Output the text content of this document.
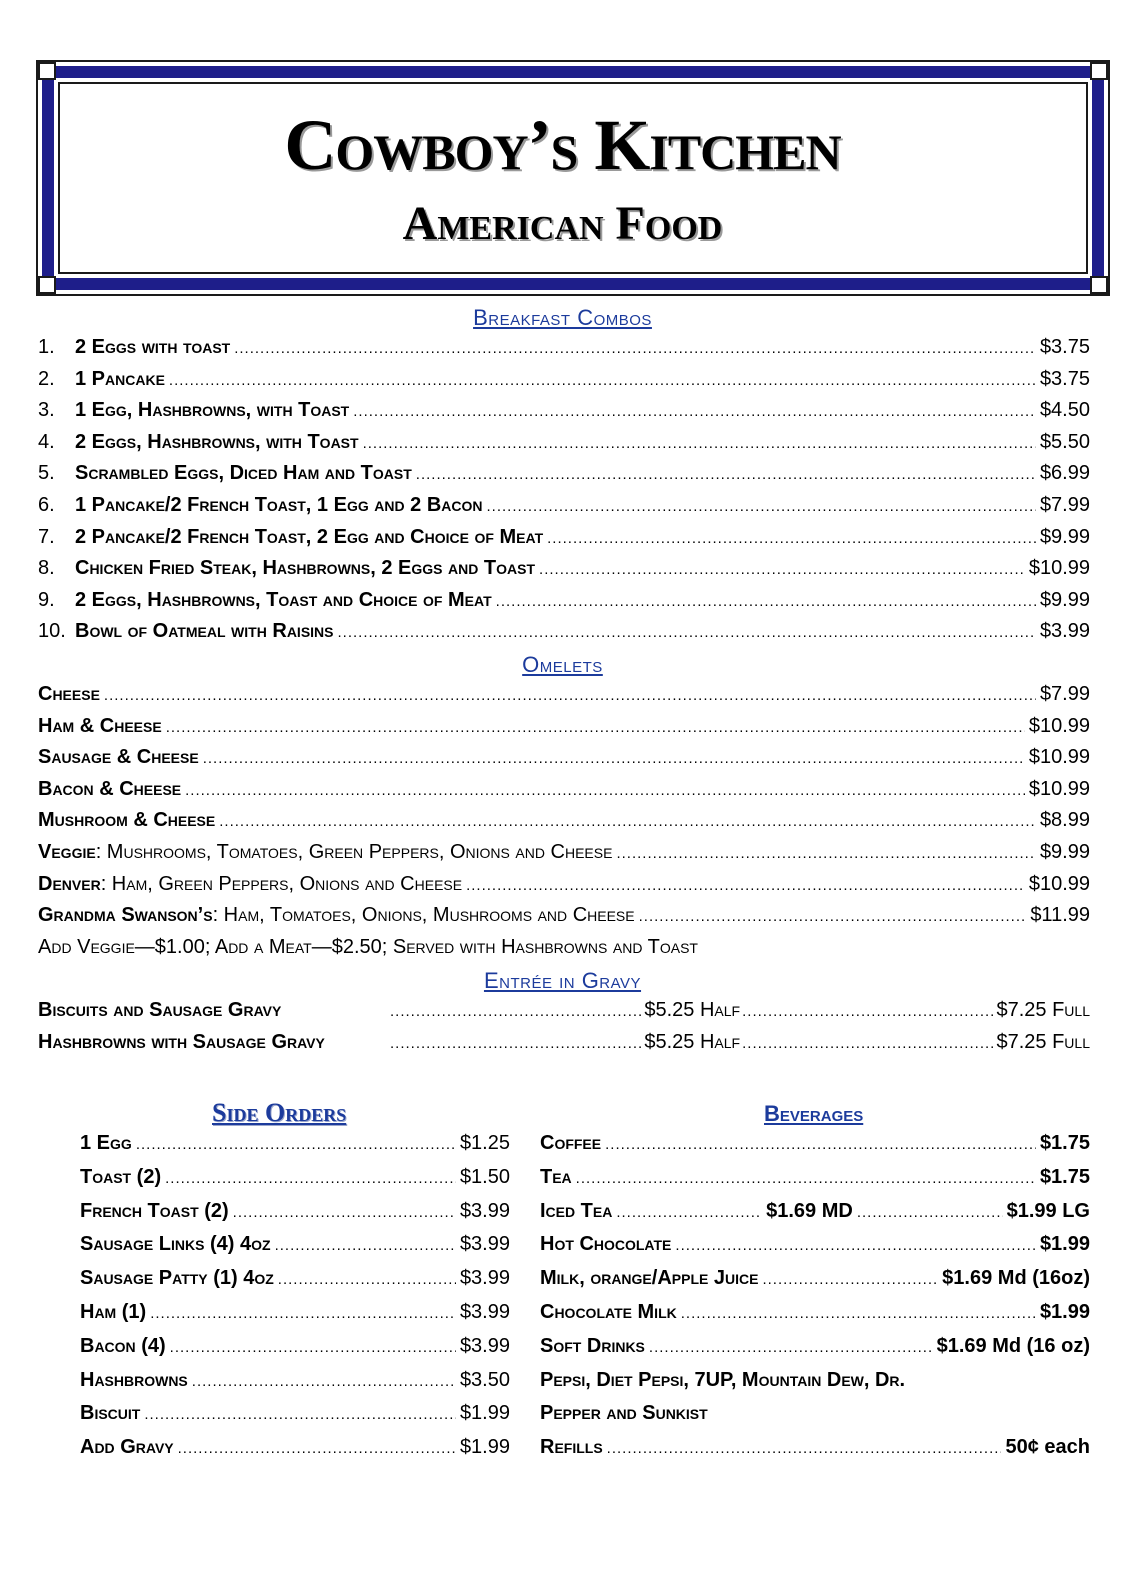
Cowboy’s Kitchen
American Food
Breakfast Combos
1.	2 Eggs with toast .....	$3.75
2.	1 Pancake .....	$3.75
3.	1 Egg, Hashbrowns, with Toast .....	$4.50
4.	2 Eggs, Hashbrowns, with Toast .....	$5.50
5.	Scrambled Eggs, Diced Ham and Toast .....	$6.99
6.	1 Pancake/2 French Toast, 1 Egg and 2 Bacon .....	$7.99
7.	2 Pancake/2 French Toast, 2 Egg and Choice of Meat .....	$9.99
8.	Chicken Fried Steak, Hashbrowns, 2 Eggs and Toast .....	$10.99
9.	2 Eggs, Hashbrowns, Toast and Choice of Meat .....	$9.99
10. Bowl of Oatmeal with Raisins .....	$3.99
Omelets
Cheese .....	$7.99
Ham & Cheese .....	$10.99
Sausage & Cheese .....	$10.99
Bacon & Cheese .....	$10.99
Mushroom & Cheese .....	$8.99
Veggie : Mushrooms, Tomatoes, Green Peppers, Onions and Cheese .....	$9.99
Denver : Ham, Green Peppers, Onions and Cheese .....	$10.99
Grandma Swanson’s : Ham, Tomatoes, Onions, Mushrooms and Cheese .....	$11.99
Add Veggie—$1.00; Add a Meat—$2.50; Served with Hashbrowns and Toast
Entrée in Gravy
Biscuits and Sausage Gravy .....	$5.25 Half .....	$7.25 Full
Hashbrowns with Sausage Gravy .....	$5.25 Half .....	$7.25 Full
Side Orders
1 Egg .....	$1.25
Toast (2) .....	$1.50
French Toast (2) .....	$3.99
Sausage Links (4) 4oz .....	$3.99
Sausage Patty (1) 4oz .....	$3.99
Ham (1) .....	$3.99
Bacon (4) .....	$3.99
Hashbrowns .....	$3.50
Biscuit .....	$1.99
Add Gravy .....	$1.99
Beverages
Coffee .....	$1.75
Tea .....	$1.75
Iced Tea .....	$1.69 MD .....	$1.99 LG
Hot Chocolate .....	$1.99
Milk, orange/Apple Juice .....	$1.69 Md (16oz)
Chocolate Milk .....	$1.99
Soft Drinks .....	$1.69 Md (16 oz)
Pepsi, Diet Pepsi, 7UP, Mountain Dew, Dr.
Pepper and Sunkist
Refills .....	50¢ each
